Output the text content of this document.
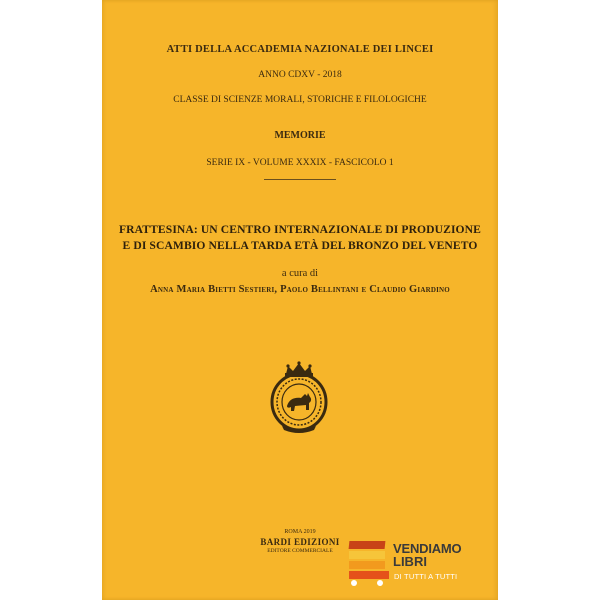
ATTI DELLA ACCADEMIA NAZIONALE DEI LINCEI
ANNO CDXV - 2018
CLASSE DI SCIENZE MORALI, STORICHE E FILOLOGICHE
MEMORIE
SERIE IX - VOLUME XXXIX - FASCICOLO 1
FRATTESINA: UN CENTRO INTERNAZIONALE DI PRODUZIONE
E DI SCAMBIO NELLA TARDA ETÀ DEL BRONZO DEL VENETO
a cura di
Anna Maria Bietti Sestieri, Paolo Bellintani e Claudio Giardino
ROMA 2019
BARDI EDIZIONI
EDITORE COMMERCIALE	VENDIAMO
LIBRI
DI TUTTI A TUTTI
